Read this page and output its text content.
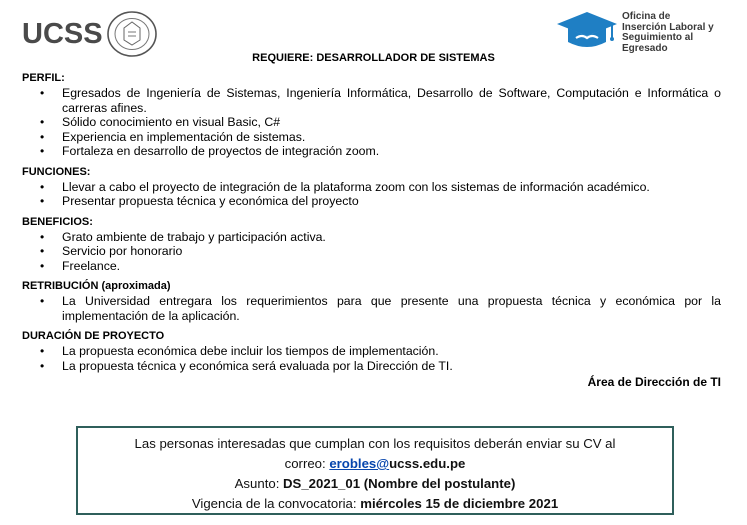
UCSS
Oficina de
Inserción Laboral y
Seguimiento al
Egresado
REQUIERE: DESARROLLADOR DE SISTEMAS
PERFIL:
• Egresados de Ingeniería de Sistemas, Ingeniería Informática, Desarrollo de Software, Computación e Informática o carreras afines.
• Sólido conocimiento en visual Basic, C#
• Experiencia en implementación de sistemas.
• Fortaleza en desarrollo de proyectos de integración zoom.
FUNCIONES:
• Llevar a cabo el proyecto de integración de la plataforma zoom con los sistemas de información académico.
• Presentar propuesta técnica y económica del proyecto
BENEFICIOS:
• Grato ambiente de trabajo y participación activa.
• Servicio por honorario
• Freelance.
RETRIBUCIÓN (aproximada)
• La Universidad entregara los requerimientos para que presente una propuesta técnica y económica por la implementación de la aplicación.
DURACIÓN DE PROYECTO
• La propuesta económica debe incluir los tiempos de implementación.
• La propuesta técnica y económica será evaluada por la Dirección de TI.
Área de Dirección de TI
Las personas interesadas que cumplan con los requisitos deberán enviar su CV al
correo: erobles@ucss.edu.pe
Asunto: DS_2021_01 (Nombre del postulante)
Vigencia de la convocatoria: miércoles 15 de diciembre 2021
